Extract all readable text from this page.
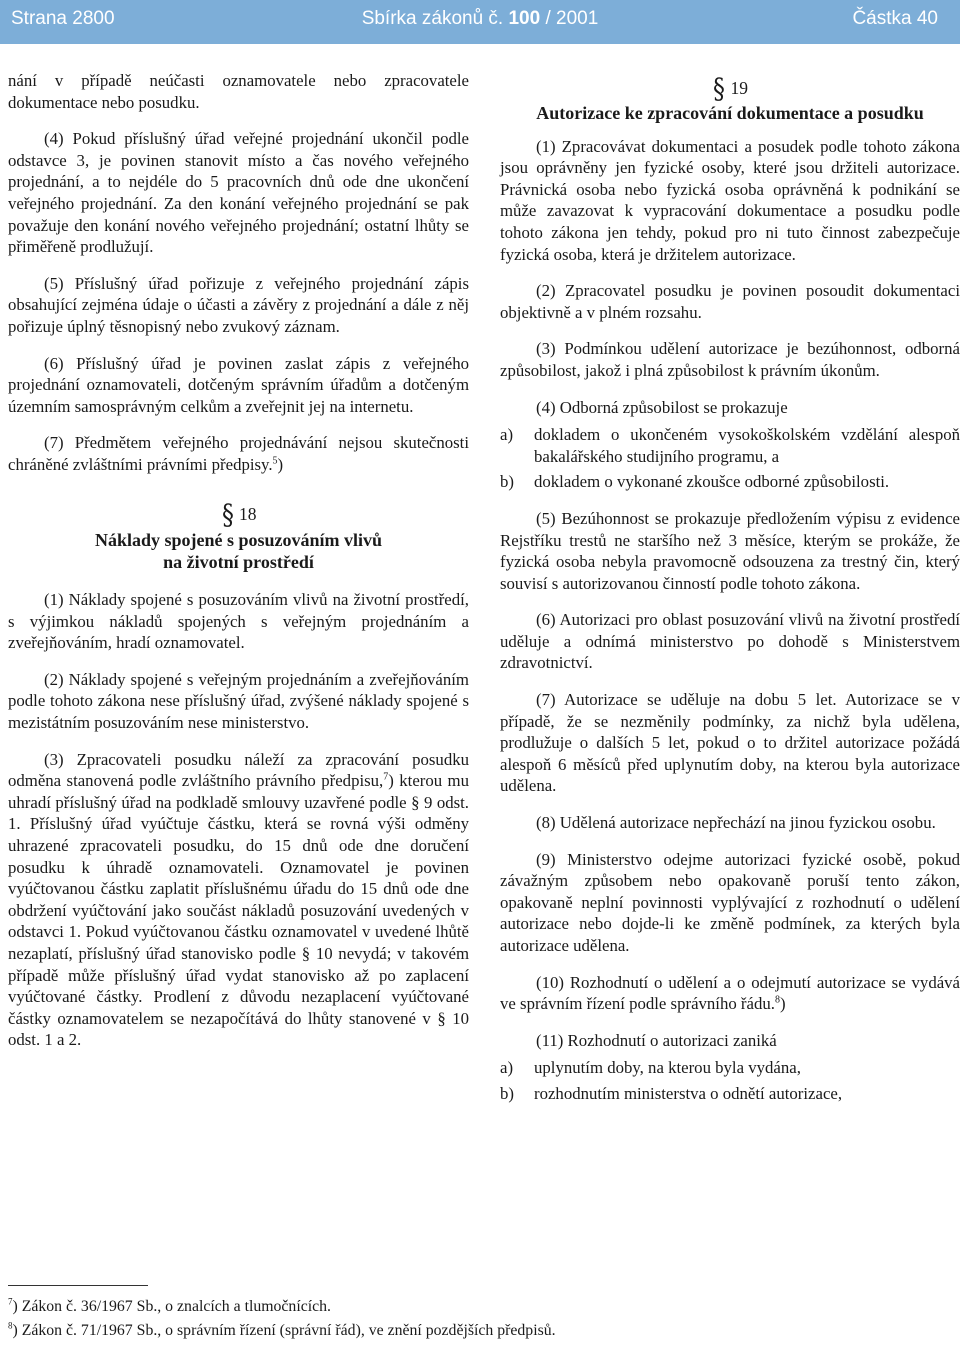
Strana 2800	Sbírka zákonů č. 100 / 2001	Částka 40

nání v případě neúčasti oznamovatele nebo zpracovatele dokumentace nebo posudku.

(4) Pokud příslušný úřad veřejné projednání ukončil podle odstavce 3, je povinen stanovit místo a čas nového veřejného projednání, a to nejdéle do 5 pracovních dnů ode dne ukončení veřejného projednání. Za den konání veřejného projednání se pak považuje den konání nového veřejného projednání; ostatní lhůty se přiměřeně prodlužují.

(5) Příslušný úřad pořizuje z veřejného projednání zápis obsahující zejména údaje o účasti a závěry z projednání a dále z něj pořizuje úplný těsnopisný nebo zvukový záznam.

(6) Příslušný úřad je povinen zaslat zápis z veřejného projednání oznamovateli, dotčeným správním úřadům a dotčeným územním samosprávným celkům a zveřejnit jej na internetu.

(7) Předmětem veřejného projednávání nejsou skutečnosti chráněné zvláštními právními předpisy.$^5$)

§ 18
Náklady spojené s posuzováním vlivů
na životní prostředí

(1) Náklady spojené s posuzováním vlivů na životní prostředí, s výjimkou nákladů spojených s veřejným projednáním a zveřejňováním, hradí oznamovatel.

(2) Náklady spojené s veřejným projednáním a zveřejňováním podle tohoto zákona nese příslušný úřad, zvýšené náklady spojené s mezistátním posuzováním nese ministerstvo.

(3) Zpracovateli posudku náleží za zpracování posudku odměna stanovená podle zvláštního právního předpisu,$^7$) kterou mu uhradí příslušný úřad na podkladě smlouvy uzavřené podle § 9 odst. 1. Příslušný úřad vyúčtuje částku, která se rovná výši odměny uhrazené zpracovateli posudku, do 15 dnů ode dne doručení posudku k úhradě oznamovateli. Oznamovatel je povinen vyúčtovanou částku zaplatit příslušnému úřadu do 15 dnů ode dne obdržení vyúčtování jako součást nákladů posuzování uvedených v odstavci 1. Pokud vyúčtovanou částku oznamovatel v uvedené lhůtě nezaplatí, příslušný úřad stanovisko podle § 10 nevydá; v takovém případě může příslušný úřad vydat stanovisko až po zaplacení vyúčtované částky. Prodlení z důvodu nezaplacení vyúčtované částky oznamovatelem se nezapočítává do lhůty stanovené v § 10 odst. 1 a 2.

§ 19
Autorizace ke zpracování dokumentace a posudku

(1) Zpracovávat dokumentaci a posudek podle tohoto zákona jsou oprávněny jen fyzické osoby, které jsou držiteli autorizace. Právnická osoba nebo fyzická osoba oprávněná k podnikání se může zavazovat k vypracování dokumentace a posudku podle tohoto zákona jen tehdy, pokud pro ni tuto činnost zabezpečuje fyzická osoba, která je držitelem autorizace.

(2) Zpracovatel posudku je povinen posoudit dokumentaci objektivně a v plném rozsahu.

(3) Podmínkou udělení autorizace je bezúhonnost, odborná způsobilost, jakož i plná způsobilost k právním úkonům.

(4) Odborná způsobilost se prokazuje

a)	dokladem o ukončeném vysokoškolském vzdělání alespoň bakalářského studijního programu, a
b)	dokladem o vykonané zkoušce odborné způsobilosti.

(5) Bezúhonnost se prokazuje předložením výpisu z evidence Rejstříku trestů ne staršího než 3 měsíce, kterým se prokáže, že fyzická osoba nebyla pravomocně odsouzena za trestný čin, který souvisí s autorizovanou činností podle tohoto zákona.

(6) Autorizaci pro oblast posuzování vlivů na životní prostředí uděluje a odnímá ministerstvo po dohodě s Ministerstvem zdravotnictví.

(7) Autorizace se uděluje na dobu 5 let. Autorizace se v případě, že se nezměnily podmínky, za nichž byla udělena, prodlužuje o dalších 5 let, pokud o to držitel autorizace požádá alespoň 6 měsíců před uplynutím doby, na kterou byla autorizace udělena.

(8) Udělená autorizace nepřechází na jinou fyzickou osobu.

(9) Ministerstvo odejme autorizaci fyzické osobě, pokud závažným způsobem nebo opakovaně poruší tento zákon, opakovaně neplní povinnosti vyplývající z rozhodnutí o udělení autorizace nebo dojde-li ke změně podmínek, za kterých byla autorizace udělena.

(10) Rozhodnutí o udělení a o odejmutí autorizace se vydává ve správním řízení podle správního řádu.$^8$)

(11) Rozhodnutí o autorizaci zaniká

a)	uplynutím doby, na kterou byla vydána,
b)	rozhodnutím ministerstva o odnětí autorizace,
$^7$) Zákon č. 36/1967 Sb., o znalcích a tlumočnících.
$^8$) Zákon č. 71/1967 Sb., o správním řízení (správní řád), ve znění pozdějších předpisů.
